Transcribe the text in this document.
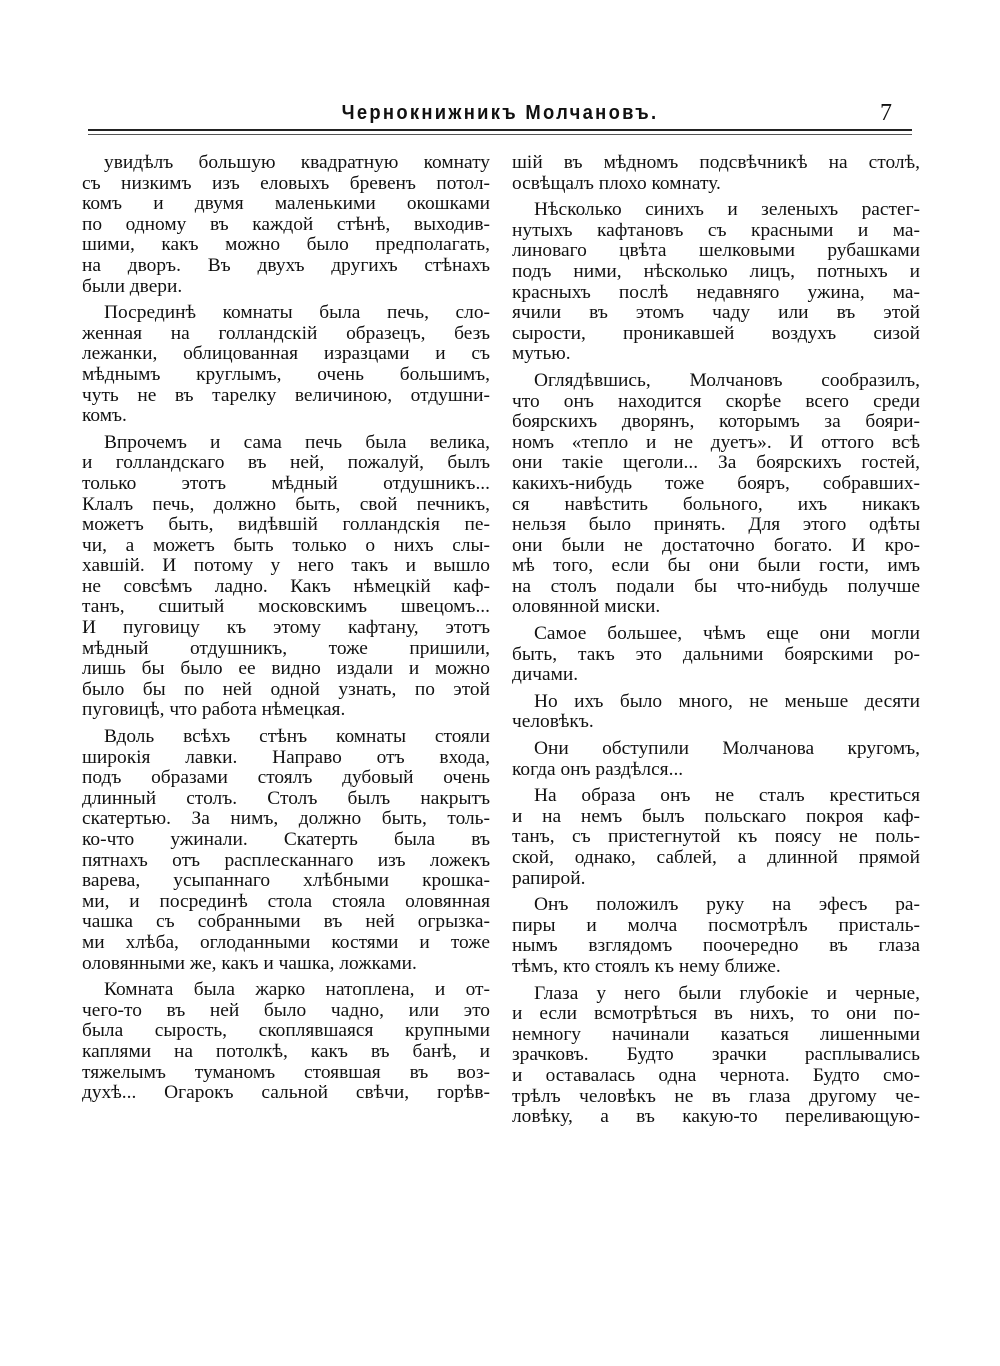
Чернокнижникъ Молчановъ.	7
увидѣлъ большую квадратную комнату
съ низкимъ изъ еловыхъ бревенъ потол-
комъ и двумя маленькими окошками
по одному въ каждой стѣнѣ, выходив-
шими, какъ можно было предполагать,
на дворъ. Въ двухъ другихъ стѣнахъ
были двери.
Посрединѣ комнаты была печь, сло-
женная на голландскій образецъ, безъ
лежанки, облицованная изразцами и съ
мѣднымъ круглымъ, очень большимъ,
чуть не въ тарелку величиною, отдушни-
комъ.
Впрочемъ и сама печь была велика,
и голландскаго въ ней, пожалуй, былъ
только этотъ мѣдный отдушникъ...
Клалъ печь, должно быть, свой печникъ,
можетъ быть, видѣвшій голландскія пе-
чи, а можетъ быть только о нихъ слы-
хавшій. И потому у него такъ и вышло
не совсѣмъ ладно. Какъ нѣмецкій каф-
танъ, сшитый московскимъ швецомъ...
И пуговицу къ этому кафтану, этотъ
мѣдный отдушникъ, тоже пришили,
лишь бы было ее видно издали и можно
было бы по ней одной узнать, по этой
пуговицѣ, что работа нѣмецкая.
Вдоль всѣхъ стѣнъ комнаты стояли
широкія лавки. Направо отъ входа,
подъ образами стоялъ дубовый очень
длинный столъ. Столъ былъ накрытъ
скатертью. За нимъ, должно быть, толь-
ко-что ужинали. Скатерть была въ
пятнахъ отъ расплесканнаго изъ ложекъ
варева, усыпаннаго хлѣбными крошка-
ми, и посрединѣ стола стояла оловянная
чашка съ собранными въ ней огрызка-
ми хлѣба, оглоданными костями и тоже
оловянными же, какъ и чашка, ложками.
Комната была жарко натоплена, и от-
чего-то въ ней было чадно, или это
была сырость, скоплявшаяся крупными
каплями на потолкѣ, какъ въ банѣ, и
тяжелымъ туманомъ стоявшая въ воз-
духѣ... Огарокъ сальной свѣчи, горѣв-
шій въ мѣдномъ подсвѣчникѣ на столѣ,
освѣщалъ плохо комнату.
Нѣсколько синихъ и зеленыхъ растег-
нутыхъ кафтановъ съ красными и ма-
линоваго цвѣта шелковыми рубашками
подъ ними, нѣсколько лицъ, потныхъ и
красныхъ послѣ недавняго ужина, ма-
ячили въ этомъ чаду или въ этой
сырости, проникавшей воздухъ сизой
мутью.
Оглядѣвшись, Молчановъ сообразилъ,
что онъ находится скорѣе всего среди
боярскихъ дворянъ, которымъ за бояри-
номъ «тепло и не дуетъ». И оттого всѣ
они такіе щеголи... За боярскихъ гостей,
какихъ-нибудь тоже бояръ, собравших-
ся навѣстить больного, ихъ никакъ
нельзя было принять. Для этого одѣты
они были не достаточно богато. И кро-
мѣ того, если бы они были гости, имъ
на столъ подали бы что-нибудь получше
оловянной миски.
Самое большее, чѣмъ еще они могли
быть, такъ это дальними боярскими ро-
дичами.
Но ихъ было много, не меньше десяти
человѣкъ.
Они обступили Молчанова кругомъ,
когда онъ раздѣлся...
На образа онъ не сталъ креститься
и на немъ былъ польскаго покроя каф-
танъ, съ пристегнутой къ поясу не поль-
ской, однако, саблей, а длинной прямой
рапирой.
Онъ положилъ руку на эфесъ ра-
пиры и молча посмотрѣлъ присталь-
нымъ взглядомъ поочередно въ глаза
тѣмъ, кто стоялъ къ нему ближе.
Глаза у него были глубокіе и черные,
и если всмотрѣться въ нихъ, то они по-
немногу начинали казаться лишенными
зрачковъ. Будто зрачки расплывались
и оставалась одна чернота. Будто смо-
трѣлъ человѣкъ не въ глаза другому че-
ловѣку, а въ какую-то переливающую-
